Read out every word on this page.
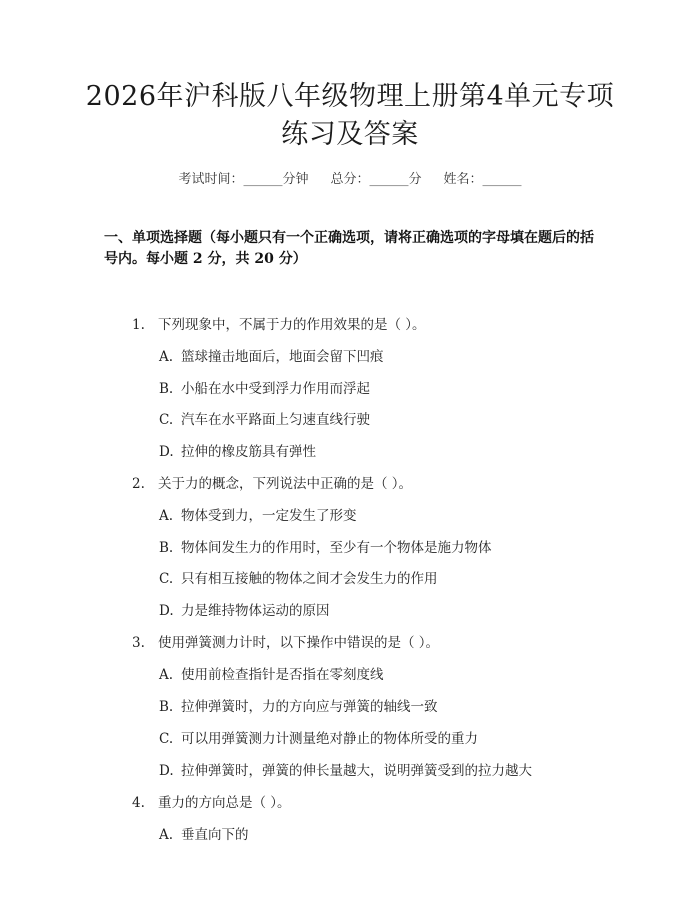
2026年沪科版八年级物理上册第4单元专项
练习及答案
考试时间：______分钟 总分：______分 姓名：______
一、单项选择题（每小题只有一个正确选项，请将正确选项的字母填在题后的括
号内。每小题 2 分，共 20 分）
1. 下列现象中，不属于力的作用效果的是（ ）。
A. 篮球撞击地面后，地面会留下凹痕
B. 小船在水中受到浮力作用而浮起
C. 汽车在水平路面上匀速直线行驶
D. 拉伸的橡皮筋具有弹性
2. 关于力的概念，下列说法中正确的是（ ）。
A. 物体受到力，一定发生了形变
B. 物体间发生力的作用时，至少有一个物体是施力物体
C. 只有相互接触的物体之间才会发生力的作用
D. 力是维持物体运动的原因
3. 使用弹簧测力计时，以下操作中错误的是（ ）。
A. 使用前检查指针是否指在零刻度线
B. 拉伸弹簧时，力的方向应与弹簧的轴线一致
C. 可以用弹簧测力计测量绝对静止的物体所受的重力
D. 拉伸弹簧时，弹簧的伸长量越大，说明弹簧受到的拉力越大
4. 重力的方向总是（ ）。
A. 垂直向下的
